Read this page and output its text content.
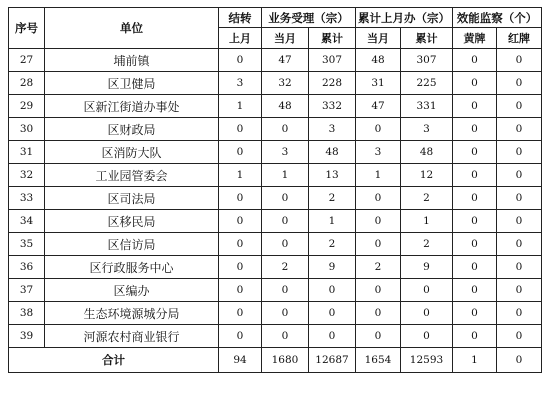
序号	单位	结转	业务受理（宗）		累计上月办（宗）		效能监察（个）	
		上月	当月	累计	当月	累计	黄牌	红牌
27	埔前镇	0	47	307	48	307	0	0
28	区卫健局	3	32	228	31	225	0	0
29	区新江街道办事处	1	48	332	47	331	0	0
30	区财政局	0	0	3	0	3	0	0
31	区消防大队	0	3	48	3	48	0	0
32	工业园管委会	1	1	13	1	12	0	0
33	区司法局	0	0	2	0	2	0	0
34	区移民局	0	0	1	0	1	0	0
35	区信访局	0	0	2	0	2	0	0
36	区行政服务中心	0	2	9	2	9	0	0
37	区编办	0	0	0	0	0	0	0
38	生态环境源城分局	0	0	0	0	0	0	0
39	河源农村商业银行	0	0	0	0	0	0	0
合计		94	1680	12687	1654	12593	1	0
